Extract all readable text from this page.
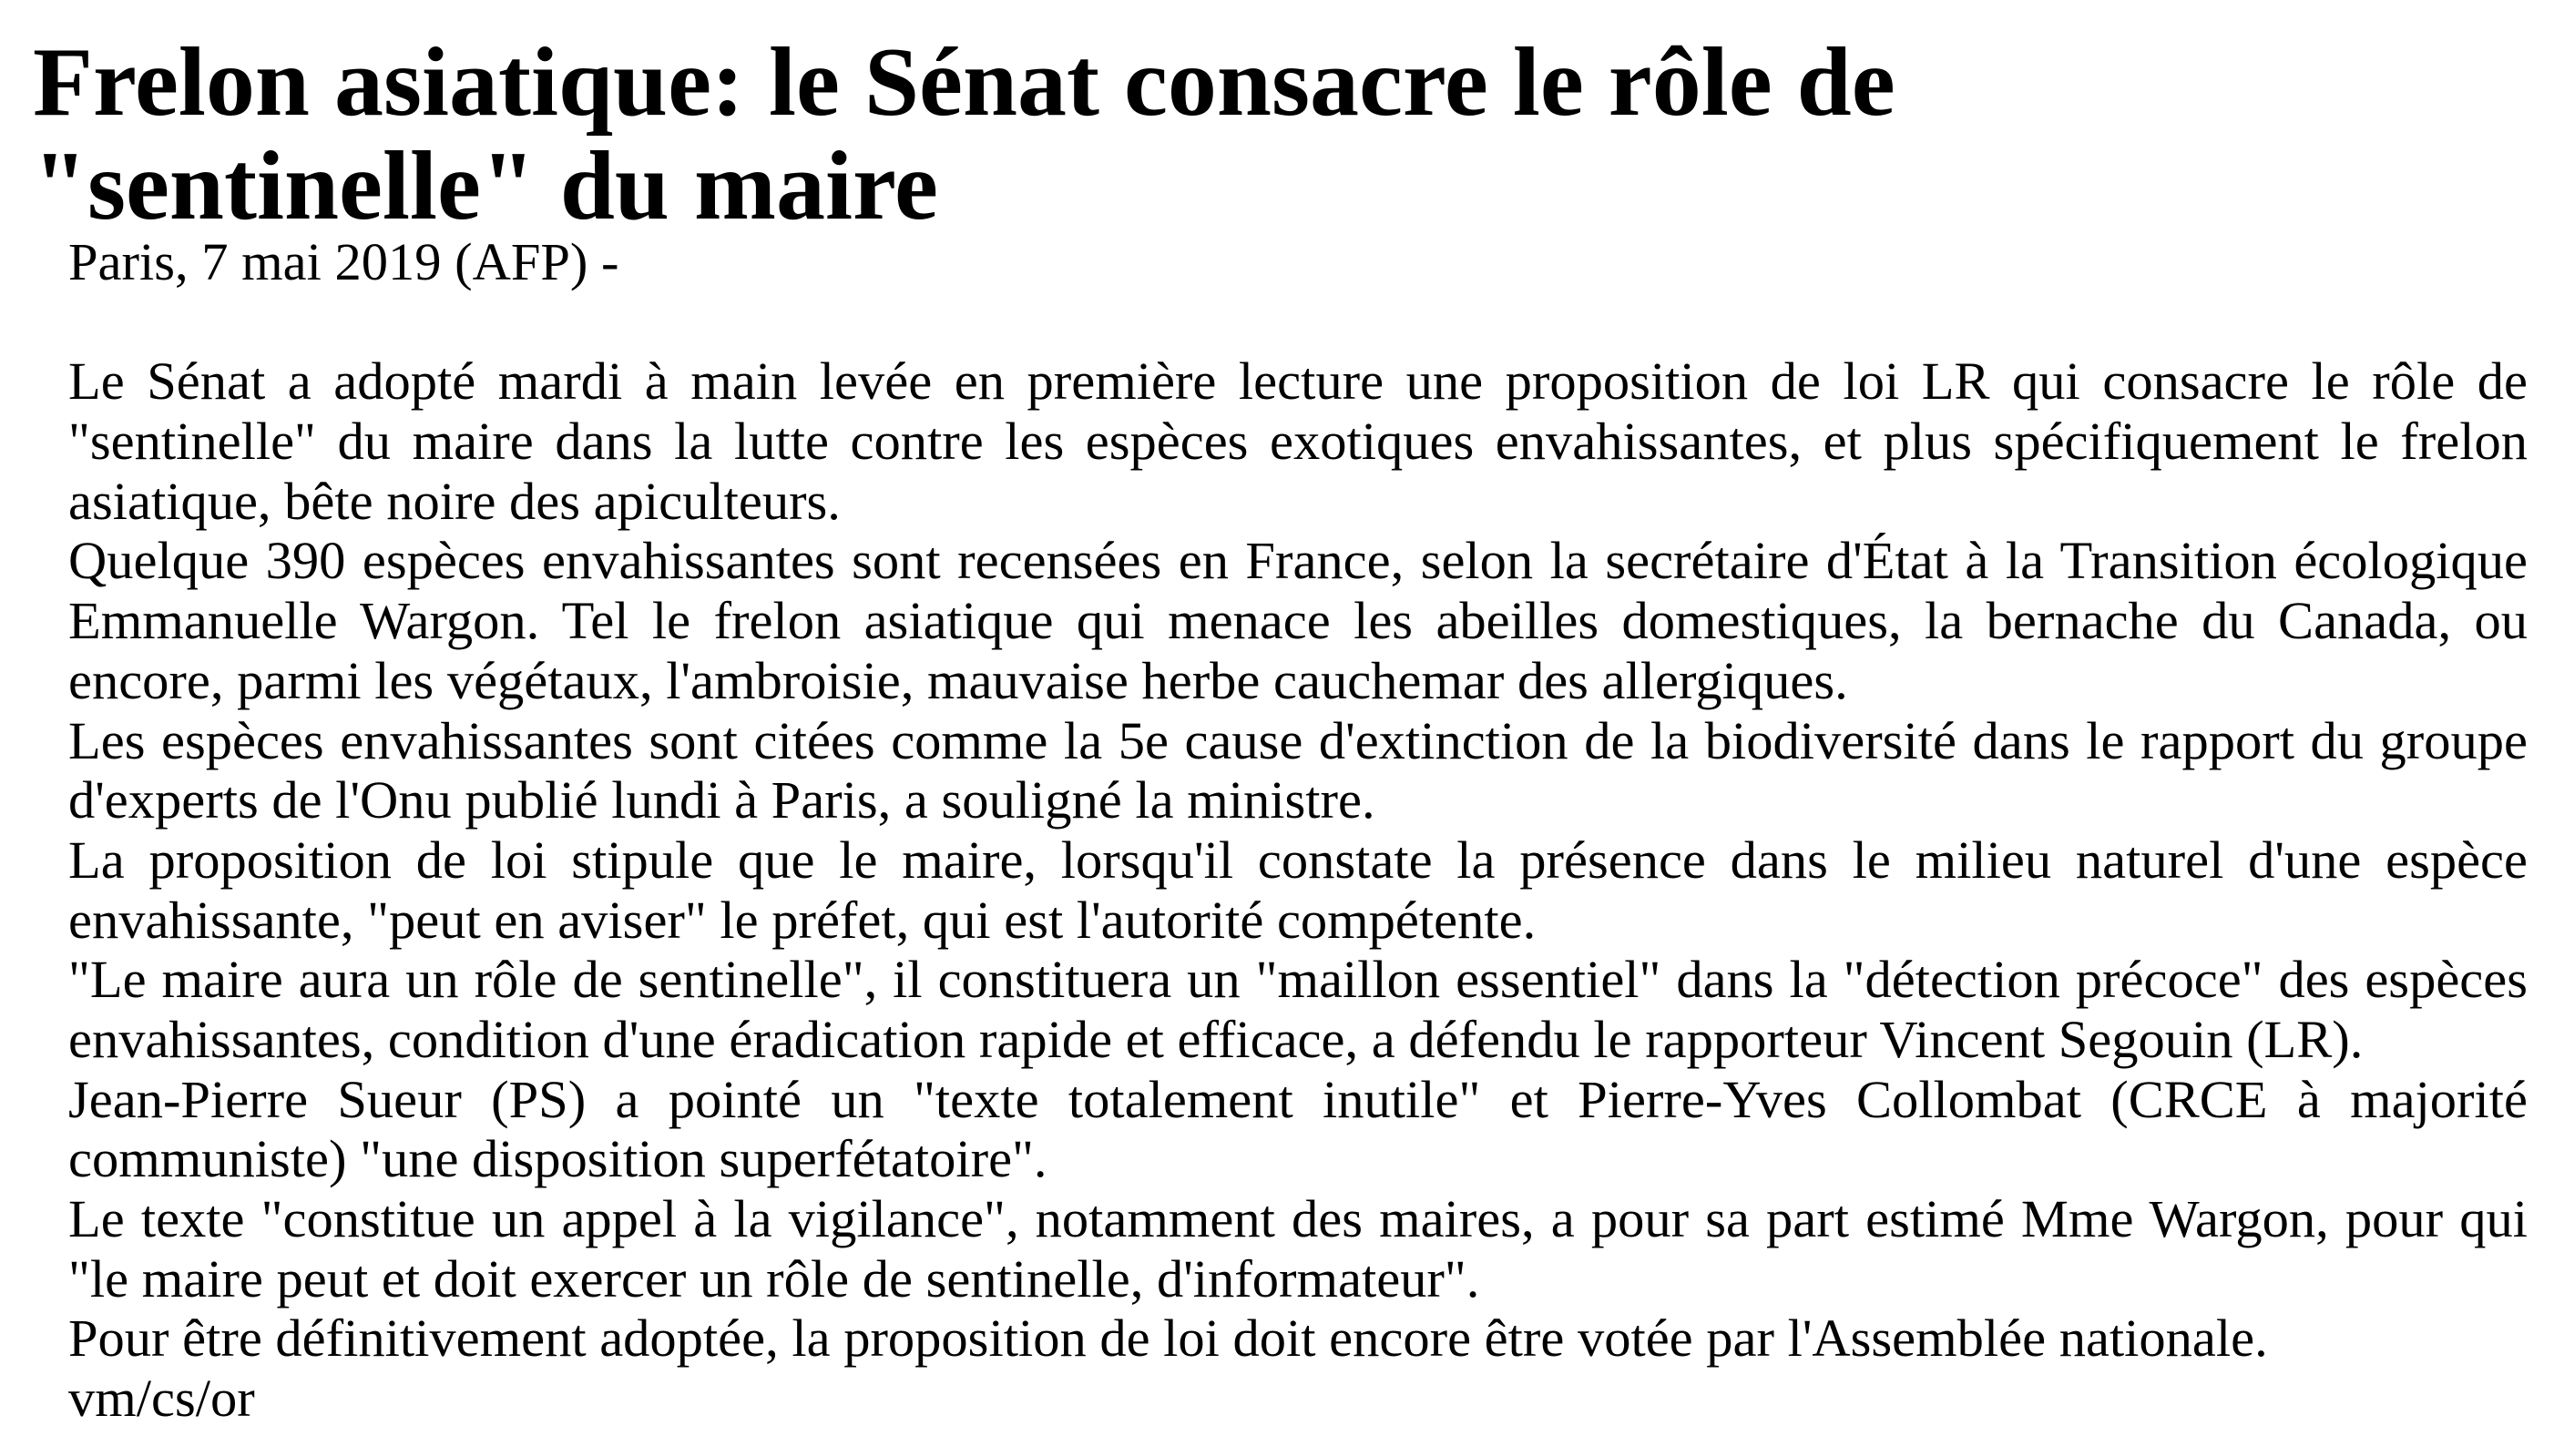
Frelon asiatique: le Sénat consacre le rôle de "sentinelle" du maire
Paris, 7 mai 2019 (AFP) -
Le Sénat a adopté mardi à main levée en première lecture une proposition de loi LR qui consacre le rôle de
"sentinelle" du maire dans la lutte contre les espèces exotiques envahissantes, et plus spécifiquement le frelon
asiatique, bête noire des apiculteurs.
Quelque 390 espèces envahissantes sont recensées en France, selon la secrétaire d'État à la Transition écologique
Emmanuelle Wargon. Tel le frelon asiatique qui menace les abeilles domestiques, la bernache du Canada, ou
encore, parmi les végétaux, l'ambroisie, mauvaise herbe cauchemar des allergiques.
Les espèces envahissantes sont citées comme la 5e cause d'extinction de la biodiversité dans le rapport du groupe
d'experts de l'Onu publié lundi à Paris, a souligné la ministre.
La proposition de loi stipule que le maire, lorsqu'il constate la présence dans le milieu naturel d'une espèce
envahissante, "peut en aviser" le préfet, qui est l'autorité compétente.
"Le maire aura un rôle de sentinelle", il constituera un "maillon essentiel" dans la "détection précoce" des espèces
envahissantes, condition d'une éradication rapide et efficace, a défendu le rapporteur Vincent Segouin (LR).
Jean-Pierre Sueur (PS) a pointé un "texte totalement inutile" et Pierre-Yves Collombat (CRCE à majorité
communiste) "une disposition superfétatoire".
Le texte "constitue un appel à la vigilance", notamment des maires, a pour sa part estimé Mme Wargon, pour qui
"le maire peut et doit exercer un rôle de sentinelle, d'informateur".
Pour être définitivement adoptée, la proposition de loi doit encore être votée par l'Assemblée nationale.
vm/cs/or
